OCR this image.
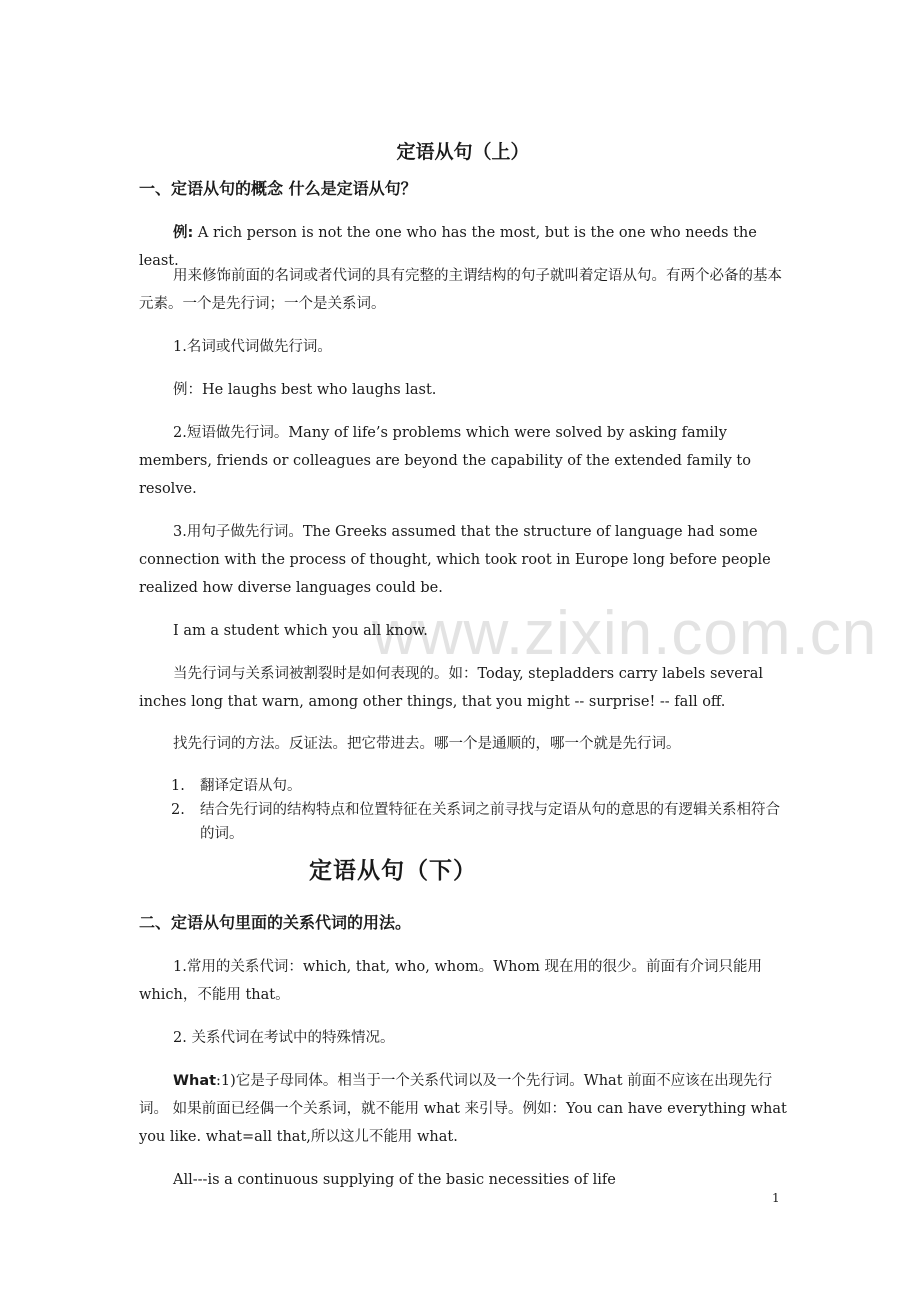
www.zixin.com.cn
定语从句（上）
一、定语从句的概念 什么是定语从句？
例: A rich person is not the one who has the most, but is the one who needs the least.
用来修饰前面的名词或者代词的具有完整的主谓结构的句子就叫着定语从句。有两个必备的基本元素。一个是先行词；一个是关系词。
1.名词或代词做先行词。
例：He laughs best who laughs last.
2.短语做先行词。Many of life’s problems which were solved by asking family members, friends or colleagues are beyond the capability of the extended family to resolve.
3.用句子做先行词。The Greeks assumed that the structure of language had some connection with the process of thought, which took root in Europe long before people realized how diverse languages could be.
I am a student which you all know.
当先行词与关系词被割裂时是如何表现的。如：Today, stepladders carry labels several inches long that warn, among other things, that you might -- surprise! -- fall off.
找先行词的方法。反证法。把它带进去。哪一个是通顺的，哪一个就是先行词。
1. 翻译定语从句。
2. 结合先行词的结构特点和位置特征在关系词之前寻找与定语从句的意思的有逻辑关系相符合的词。
定语从句（下）
二、定语从句里面的关系代词的用法。
1.常用的关系代词：which, that, who, whom。Whom 现在用的很少。前面有介词只能用 which，不能用 that。
2. 关系代词在考试中的特殊情况。
What:1)它是子母同体。相当于一个关系代词以及一个先行词。What 前面不应该在出现先行词。 如果前面已经偶一个关系词，就不能用 what 来引导。例如：You can have everything what you like. what=all that,所以这儿不能用 what.
All---is a continuous supplying of the basic necessities of life
1
